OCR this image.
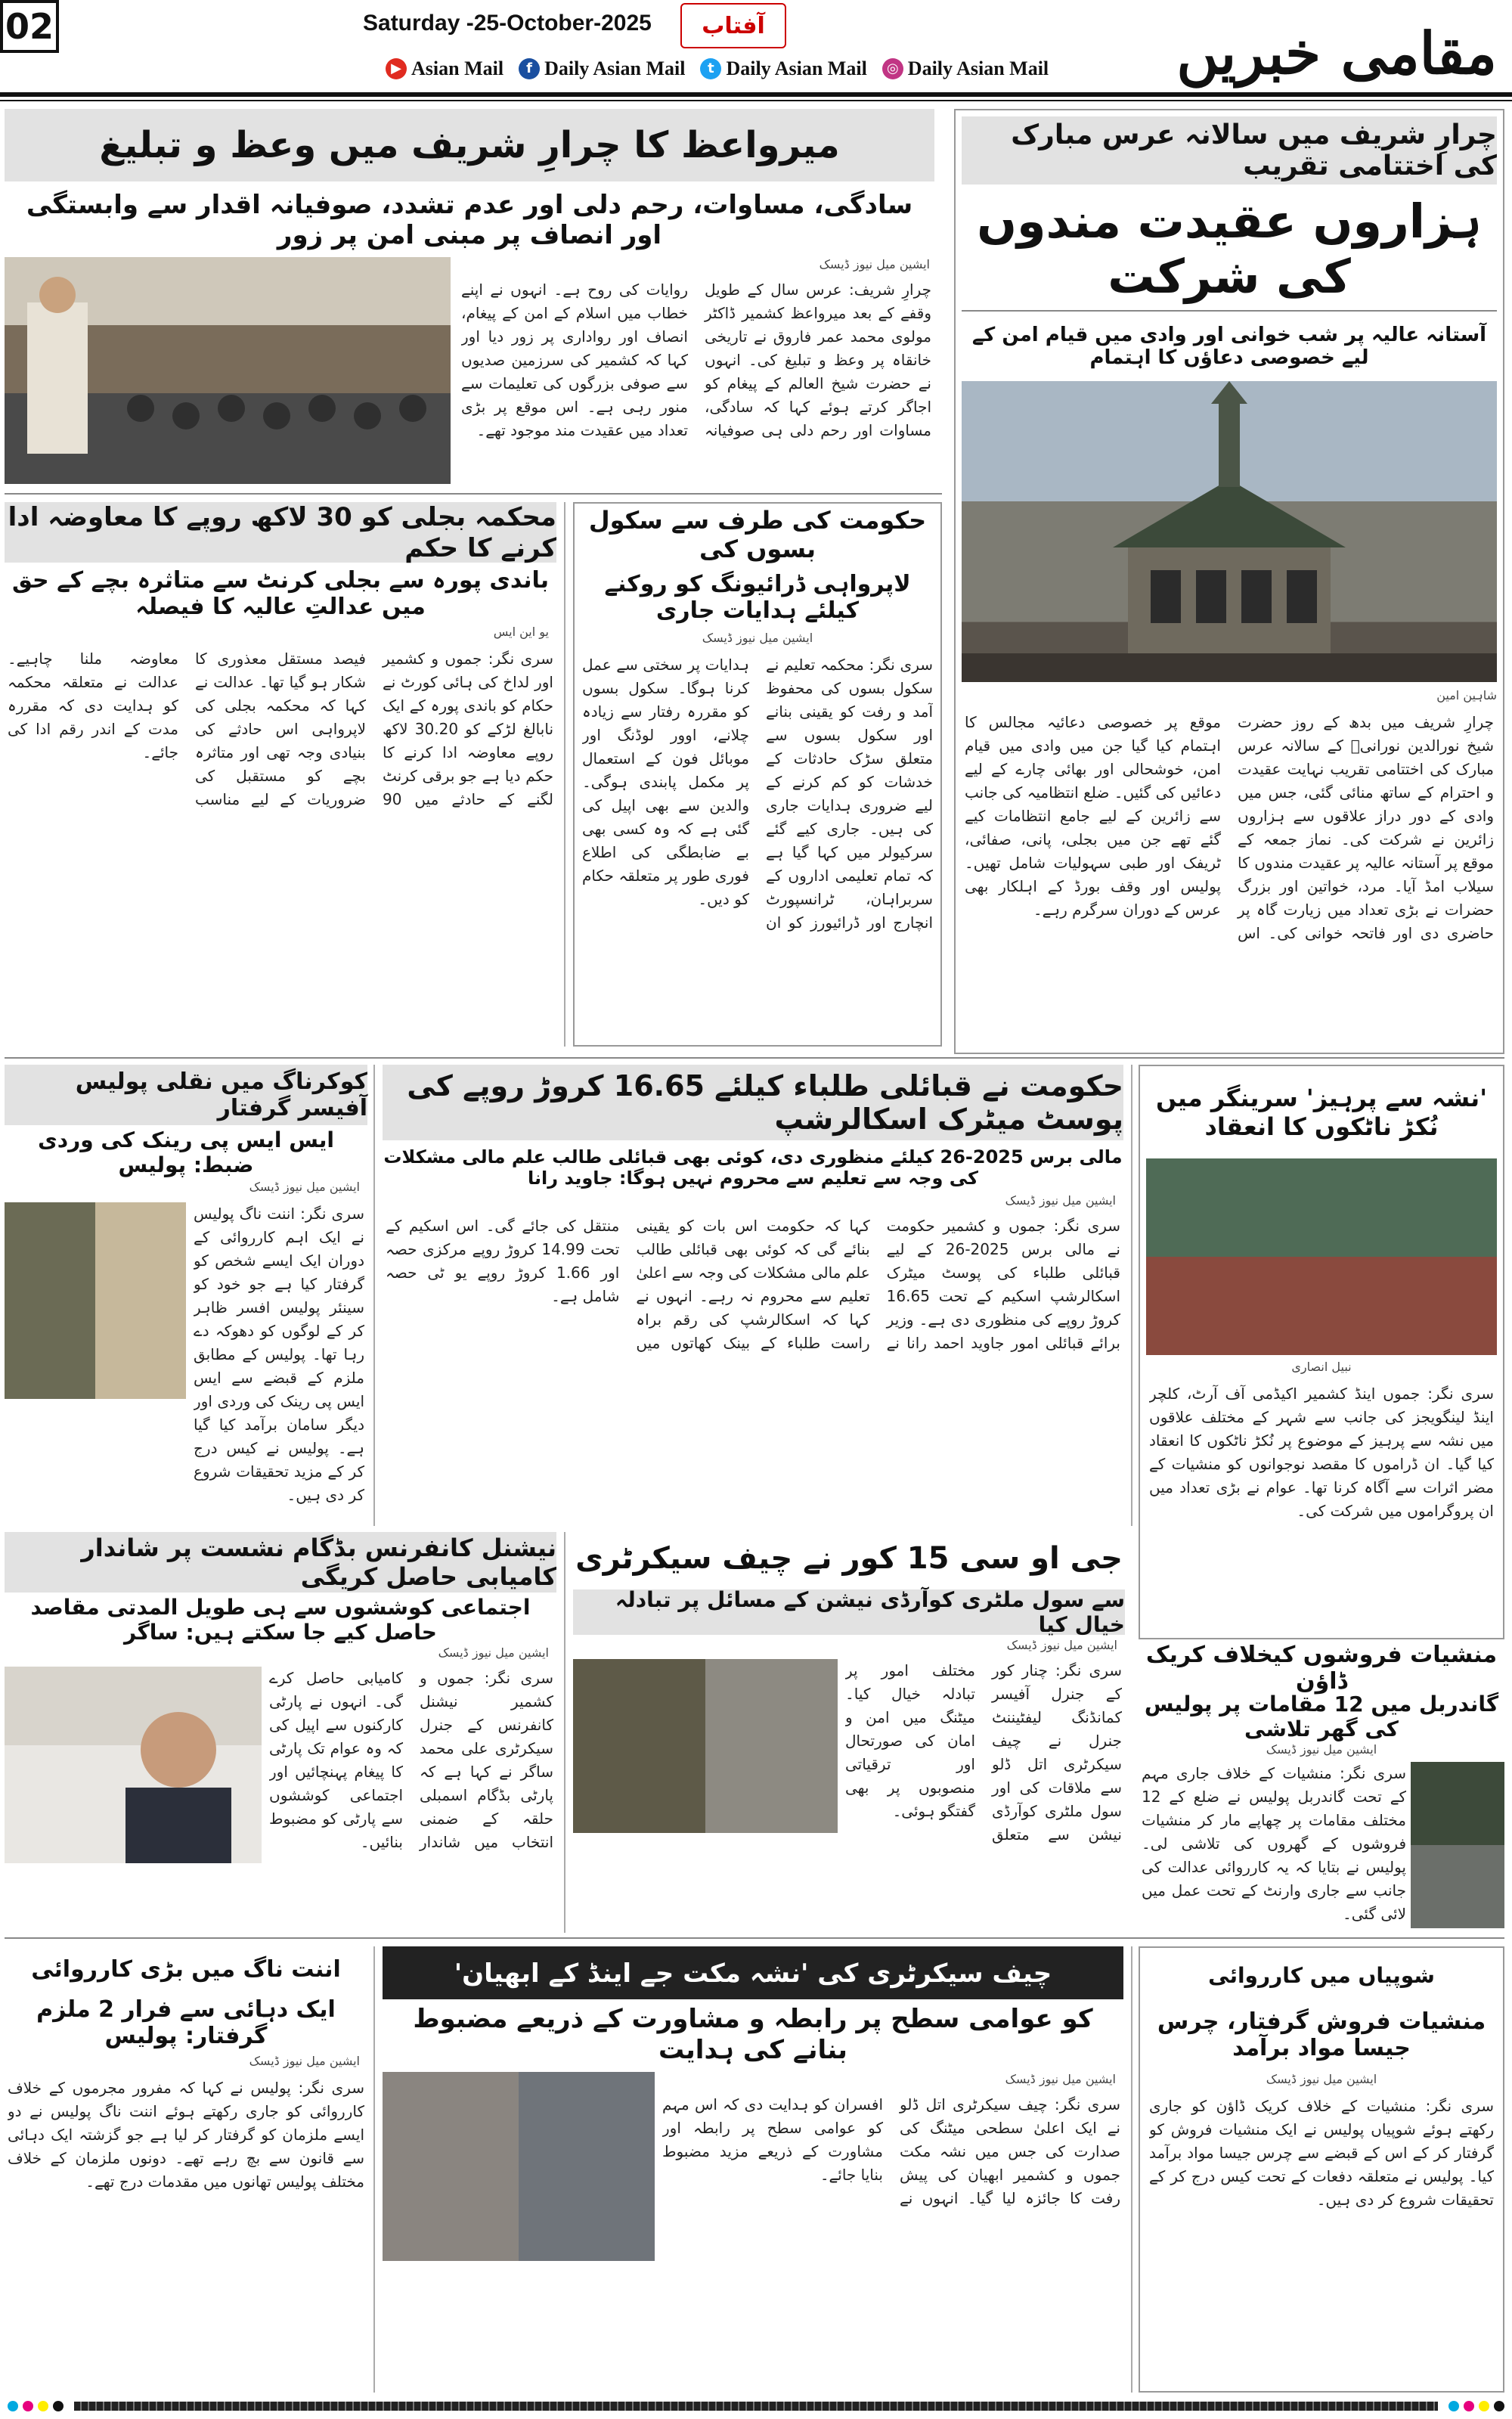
02	Saturday -25-October-2025	آفتاب
▶ Asian Mail	f Daily Asian Mail	t Daily Asian Mail	◎ Daily Asian Mail مقامی خبریں
چرارِ شریف میں سالانہ عرس مبارک کی اختتامی تقریب
ہزاروں عقیدت مندوں کی شرکت
آستانہ عالیہ پر شب خوانی اور وادی میں قیام امن کے لیے خصوصی دعاؤں کا اہتمام
شاہین امین
چرارِ شریف میں بدھ کے روز حضرت شیخ نورالدین نورانیؒ کے سالانہ عرس مبارک کی اختتامی تقریب نہایت عقیدت و احترام کے ساتھ منائی گئی، جس میں وادی کے دور دراز علاقوں سے ہزاروں زائرین نے شرکت کی۔ نماز جمعہ کے موقع پر آستانہ عالیہ پر عقیدت مندوں کا سیلاب امڈ آیا۔ مرد، خواتین اور بزرگ حضرات نے بڑی تعداد میں زیارت گاہ پر حاضری دی اور فاتحہ خوانی کی۔ اس موقع پر خصوصی دعائیہ مجالس کا اہتمام کیا گیا جن میں وادی میں قیام امن، خوشحالی اور بھائی چارے کے لیے دعائیں کی گئیں۔ ضلع انتظامیہ کی جانب سے زائرین کے لیے جامع انتظامات کیے گئے تھے جن میں بجلی، پانی، صفائی، ٹریفک اور طبی سہولیات شامل تھیں۔ پولیس اور وقف بورڈ کے اہلکار بھی عرس کے دوران سرگرم رہے۔
میرواعظ کا چرارِ شریف میں وعظ و تبلیغ
سادگی، مساوات، رحم دلی اور عدم تشدد، صوفیانہ اقدار سے وابستگی اور انصاف پر مبنی امن پر زور
ایشین میل نیوز ڈیسک
چرارِ شریف: عرس سال کے طویل وقفے کے بعد میرواعظ کشمیر ڈاکٹر مولوی محمد عمر فاروق نے تاریخی خانقاہ پر وعظ و تبلیغ کی۔ انہوں نے حضرت شیخ العالم کے پیغام کو اجاگر کرتے ہوئے کہا کہ سادگی، مساوات اور رحم دلی ہی صوفیانہ روایات کی روح ہے۔ انہوں نے اپنے خطاب میں اسلام کے امن کے پیغام، انصاف اور رواداری پر زور دیا اور کہا کہ کشمیر کی سرزمین صدیوں سے صوفی بزرگوں کی تعلیمات سے منور رہی ہے۔ اس موقع پر بڑی تعداد میں عقیدت مند موجود تھے۔
محکمہ بجلی کو 30 لاکھ روپے کا معاوضہ ادا کرنے کا حکم
باندی پورہ سے بجلی کرنٹ سے متاثرہ بچے کے حق میں عدالتِ عالیہ کا فیصلہ
یو این ایس
سری نگر: جموں و کشمیر اور لداخ کی ہائی کورٹ نے حکام کو باندی پورہ کے ایک نابالغ لڑکے کو 30.20 لاکھ روپے معاوضہ ادا کرنے کا حکم دیا ہے جو برقی کرنٹ لگنے کے حادثے میں 90 فیصد مستقل معذوری کا شکار ہو گیا تھا۔ عدالت نے کہا کہ محکمہ بجلی کی لاپرواہی اس حادثے کی بنیادی وجہ تھی اور متاثرہ بچے کو مستقبل کی ضروریات کے لیے مناسب معاوضہ ملنا چاہیے۔ عدالت نے متعلقہ محکمہ کو ہدایت دی کہ مقررہ مدت کے اندر رقم ادا کی جائے۔
حکومت کی طرف سے سکول بسوں کی
لاپرواہی ڈرائیونگ کو روکنے کیلئے ہدایات جاری
ایشین میل نیوز ڈیسک
سری نگر: محکمہ تعلیم نے سکول بسوں کی محفوظ آمد و رفت کو یقینی بنانے اور سکول بسوں سے متعلق سڑک حادثات کے خدشات کو کم کرنے کے لیے ضروری ہدایات جاری کی ہیں۔ جاری کیے گئے سرکیولر میں کہا گیا ہے کہ تمام تعلیمی اداروں کے سربراہان، ٹرانسپورٹ انچارج اور ڈرائیورز کو ان ہدایات پر سختی سے عمل کرنا ہوگا۔ سکول بسوں کو مقررہ رفتار سے زیادہ چلانے، اوور لوڈنگ اور موبائل فون کے استعمال پر مکمل پابندی ہوگی۔ والدین سے بھی اپیل کی گئی ہے کہ وہ کسی بھی بے ضابطگی کی اطلاع فوری طور پر متعلقہ حکام کو دیں۔
کوکرناگ میں نقلی پولیس آفیسر گرفتار
ایس ایس پی رینک کی وردی ضبط: پولیس
ایشین میل نیوز ڈیسک
سری نگر: اننت ناگ پولیس نے ایک اہم کارروائی کے دوران ایک ایسے شخص کو گرفتار کیا ہے جو خود کو سینئر پولیس افسر ظاہر کر کے لوگوں کو دھوکہ دے رہا تھا۔ پولیس کے مطابق ملزم کے قبضے سے ایس ایس پی رینک کی وردی اور دیگر سامان برآمد کیا گیا ہے۔ پولیس نے کیس درج کر کے مزید تحقیقات شروع کر دی ہیں۔
حکومت نے قبائلی طلباء کیلئے 16.65 کروڑ روپے کی پوسٹ میٹرک اسکالرشپ
مالی برس 2025-26 کیلئے منظوری دی، کوئی بھی قبائلی طالب علم مالی مشکلات کی وجہ سے تعلیم سے محروم نہیں ہوگا: جاوید رانا
ایشین میل نیوز ڈیسک
سری نگر: جموں و کشمیر حکومت نے مالی برس 2025-26 کے لیے قبائلی طلباء کی پوسٹ میٹرک اسکالرشپ اسکیم کے تحت 16.65 کروڑ روپے کی منظوری دی ہے۔ وزیر برائے قبائلی امور جاوید احمد رانا نے کہا کہ حکومت اس بات کو یقینی بنائے گی کہ کوئی بھی قبائلی طالب علم مالی مشکلات کی وجہ سے اعلیٰ تعلیم سے محروم نہ رہے۔ انہوں نے کہا کہ اسکالرشپ کی رقم براہ راست طلباء کے بینک کھاتوں میں منتقل کی جائے گی۔ اس اسکیم کے تحت 14.99 کروڑ روپے مرکزی حصہ اور 1.66 کروڑ روپے یو ٹی حصہ شامل ہے۔
'نشہ سے پرہیز' سرینگر میں نُکڑ ناٹکوں کا انعقاد
نبیل انصاری
سری نگر: جموں اینڈ کشمیر اکیڈمی آف آرٹ، کلچر اینڈ لینگویجز کی جانب سے شہر کے مختلف علاقوں میں نشہ سے پرہیز کے موضوع پر نُکڑ ناٹکوں کا انعقاد کیا گیا۔ ان ڈراموں کا مقصد نوجوانوں کو منشیات کے مضر اثرات سے آگاہ کرنا تھا۔ عوام نے بڑی تعداد میں ان پروگراموں میں شرکت کی۔
نیشنل کانفرنس بڈگام نشست پر شاندار کامیابی حاصل کریگی
اجتماعی کوششوں سے ہی طویل المدتی مقاصد حاصل کیے جا سکتے ہیں: ساگر
ایشین میل نیوز ڈیسک
سری نگر: جموں و کشمیر نیشنل کانفرنس کے جنرل سیکرٹری علی محمد ساگر نے کہا ہے کہ پارٹی بڈگام اسمبلی حلقہ کے ضمنی انتخاب میں شاندار کامیابی حاصل کرے گی۔ انہوں نے پارٹی کارکنوں سے اپیل کی کہ وہ عوام تک پارٹی کا پیغام پہنچائیں اور اجتماعی کوششوں سے پارٹی کو مضبوط بنائیں۔
جی او سی 15 کور نے چیف سیکرٹری
سے سول ملٹری کوآرڈی نیشن کے مسائل پر تبادلہ خیال کیا
ایشین میل نیوز ڈیسک
سری نگر: چنار کور کے جنرل آفیسر کمانڈنگ لیفٹیننٹ جنرل نے چیف سیکرٹری اتل ڈلو سے ملاقات کی اور سول ملٹری کوآرڈی نیشن سے متعلق مختلف امور پر تبادلہ خیال کیا۔ میٹنگ میں امن و امان کی صورتحال اور ترقیاتی منصوبوں پر بھی گفتگو ہوئی۔
منشیات فروشوں کیخلاف کریک ڈاؤن
گاندربل میں 12 مقامات پر پولیس کی گھر تلاشی
ایشین میل نیوز ڈیسک
سری نگر: منشیات کے خلاف جاری مہم کے تحت گاندربل پولیس نے ضلع کے 12 مختلف مقامات پر چھاپے مار کر منشیات فروشوں کے گھروں کی تلاشی لی۔ پولیس نے بتایا کہ یہ کارروائی عدالت کی جانب سے جاری وارنٹ کے تحت عمل میں لائی گئی۔
اننت ناگ میں بڑی کارروائی
ایک دہائی سے فرار 2 ملزم گرفتار: پولیس
ایشین میل نیوز ڈیسک
سری نگر: پولیس نے کہا کہ مفرور مجرموں کے خلاف کارروائی کو جاری رکھتے ہوئے اننت ناگ پولیس نے دو ایسے ملزمان کو گرفتار کر لیا ہے جو گزشتہ ایک دہائی سے قانون سے بچ رہے تھے۔ دونوں ملزمان کے خلاف مختلف پولیس تھانوں میں مقدمات درج تھے۔
چیف سیکرٹری کی 'نشہ مکت جے اینڈ کے ابھیان'
کو عوامی سطح پر رابطہ و مشاورت کے ذریعے مضبوط بنانے کی ہدایت
ایشین میل نیوز ڈیسک
سری نگر: چیف سیکرٹری اتل ڈلو نے ایک اعلیٰ سطحی میٹنگ کی صدارت کی جس میں نشہ مکت جموں و کشمیر ابھیان کی پیش رفت کا جائزہ لیا گیا۔ انہوں نے افسران کو ہدایت دی کہ اس مہم کو عوامی سطح پر رابطہ اور مشاورت کے ذریعے مزید مضبوط بنایا جائے۔
شوپیاں میں کارروائی
منشیات فروش گرفتار، چرس جیسا مواد برآمد
ایشین میل نیوز ڈیسک
سری نگر: منشیات کے خلاف کریک ڈاؤن کو جاری رکھتے ہوئے شوپیاں پولیس نے ایک منشیات فروش کو گرفتار کر کے اس کے قبضے سے چرس جیسا مواد برآمد کیا۔ پولیس نے متعلقہ دفعات کے تحت کیس درج کر کے تحقیقات شروع کر دی ہیں۔
